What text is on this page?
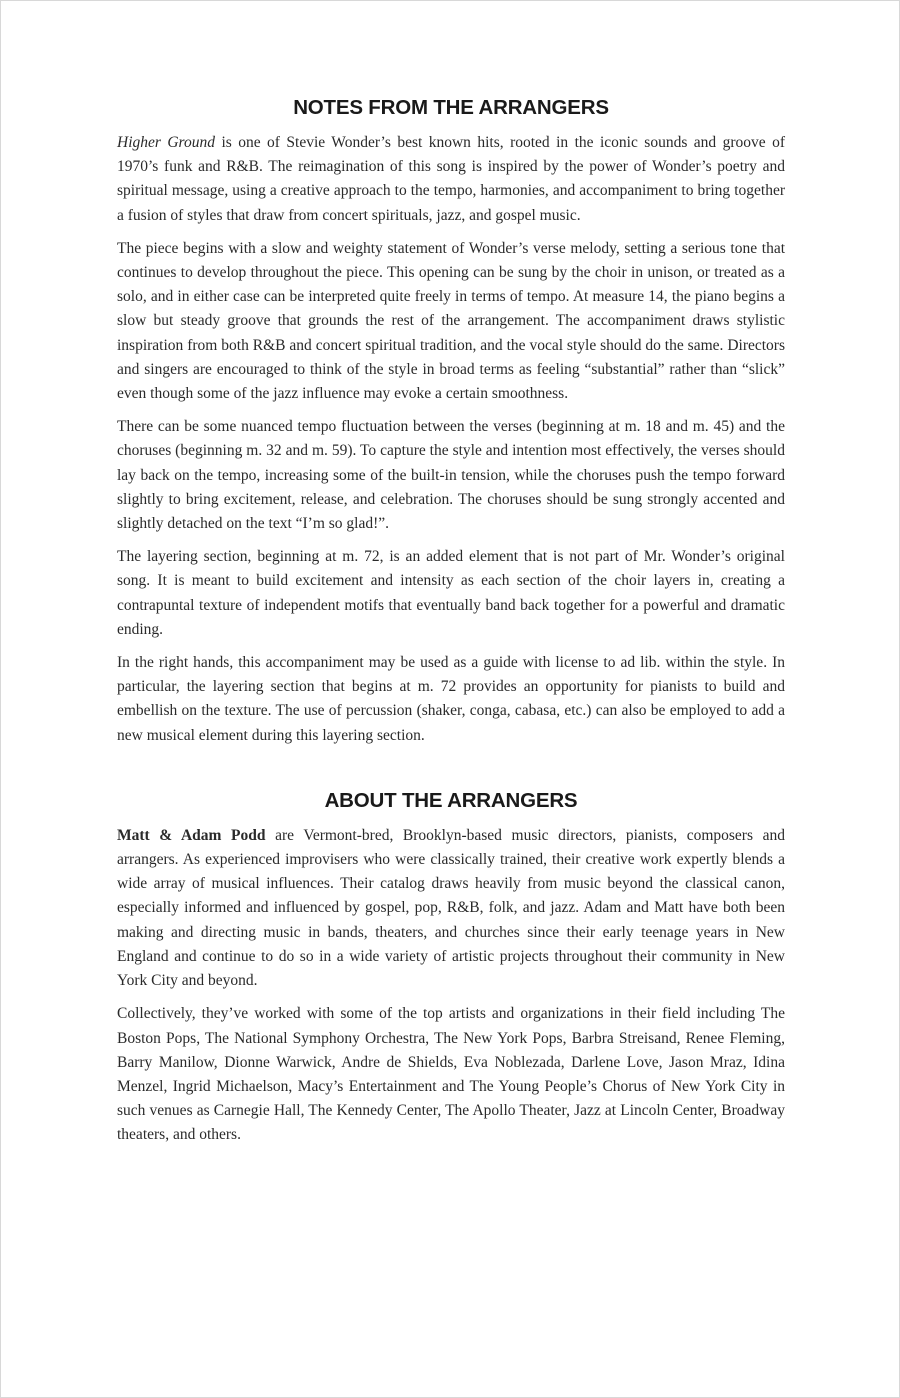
NOTES FROM THE ARRANGERS

Higher Ground is one of Stevie Wonder’s best known hits, rooted in the iconic sounds and groove of 1970’s funk and R&B. The reimagination of this song is inspired by the power of Wonder’s poetry and spiritual message, using a creative approach to the tempo, harmonies, and accompaniment to bring together a fusion of styles that draw from concert spirituals, jazz, and gospel music.

The piece begins with a slow and weighty statement of Wonder’s verse melody, setting a serious tone that continues to develop throughout the piece. This opening can be sung by the choir in unison, or treated as a solo, and in either case can be interpreted quite freely in terms of tempo. At measure 14, the piano begins a slow but steady groove that grounds the rest of the arrangement. The accompaniment draws stylistic inspiration from both R&B and concert spiritual tradition, and the vocal style should do the same. Directors and singers are encouraged to think of the style in broad terms as feeling “substantial” rather than “slick” even though some of the jazz influence may evoke a certain smoothness.

There can be some nuanced tempo fluctuation between the verses (beginning at m. 18 and m. 45) and the choruses (beginning m. 32 and m. 59). To capture the style and intention most effectively, the verses should lay back on the tempo, increasing some of the built-in tension, while the choruses push the tempo forward slightly to bring excitement, release, and celebration. The choruses should be sung strongly accented and slightly detached on the text “I’m so glad!”.

The layering section, beginning at m. 72, is an added element that is not part of Mr. Wonder’s original song. It is meant to build excitement and intensity as each section of the choir layers in, creating a contrapuntal texture of independent motifs that eventually band back together for a powerful and dramatic ending.

In the right hands, this accompaniment may be used as a guide with license to ad lib. within the style. In particular, the layering section that begins at m. 72 provides an opportunity for pianists to build and embellish on the texture. The use of percussion (shaker, conga, cabasa, etc.) can also be employed to add a new musical element during this layering section.

ABOUT THE ARRANGERS

Matt & Adam Podd are Vermont-bred, Brooklyn-based music directors, pianists, composers and arrangers. As experienced improvisers who were classically trained, their creative work expertly blends a wide array of musical influences. Their catalog draws heavily from music beyond the classical canon, especially informed and influenced by gospel, pop, R&B, folk, and jazz. Adam and Matt have both been making and directing music in bands, theaters, and churches since their early teenage years in New England and continue to do so in a wide variety of artistic projects throughout their community in New York City and beyond.

Collectively, they’ve worked with some of the top artists and organizations in their field including The Boston Pops, The National Symphony Orchestra, The New York Pops, Barbra Streisand, Renee Fleming, Barry Manilow, Dionne Warwick, Andre de Shields, Eva Noblezada, Darlene Love, Jason Mraz, Idina Menzel, Ingrid Michaelson, Macy’s Entertainment and The Young People’s Chorus of New York City in such venues as Carnegie Hall, The Kennedy Center, The Apollo Theater, Jazz at Lincoln Center, Broadway theaters, and others.
